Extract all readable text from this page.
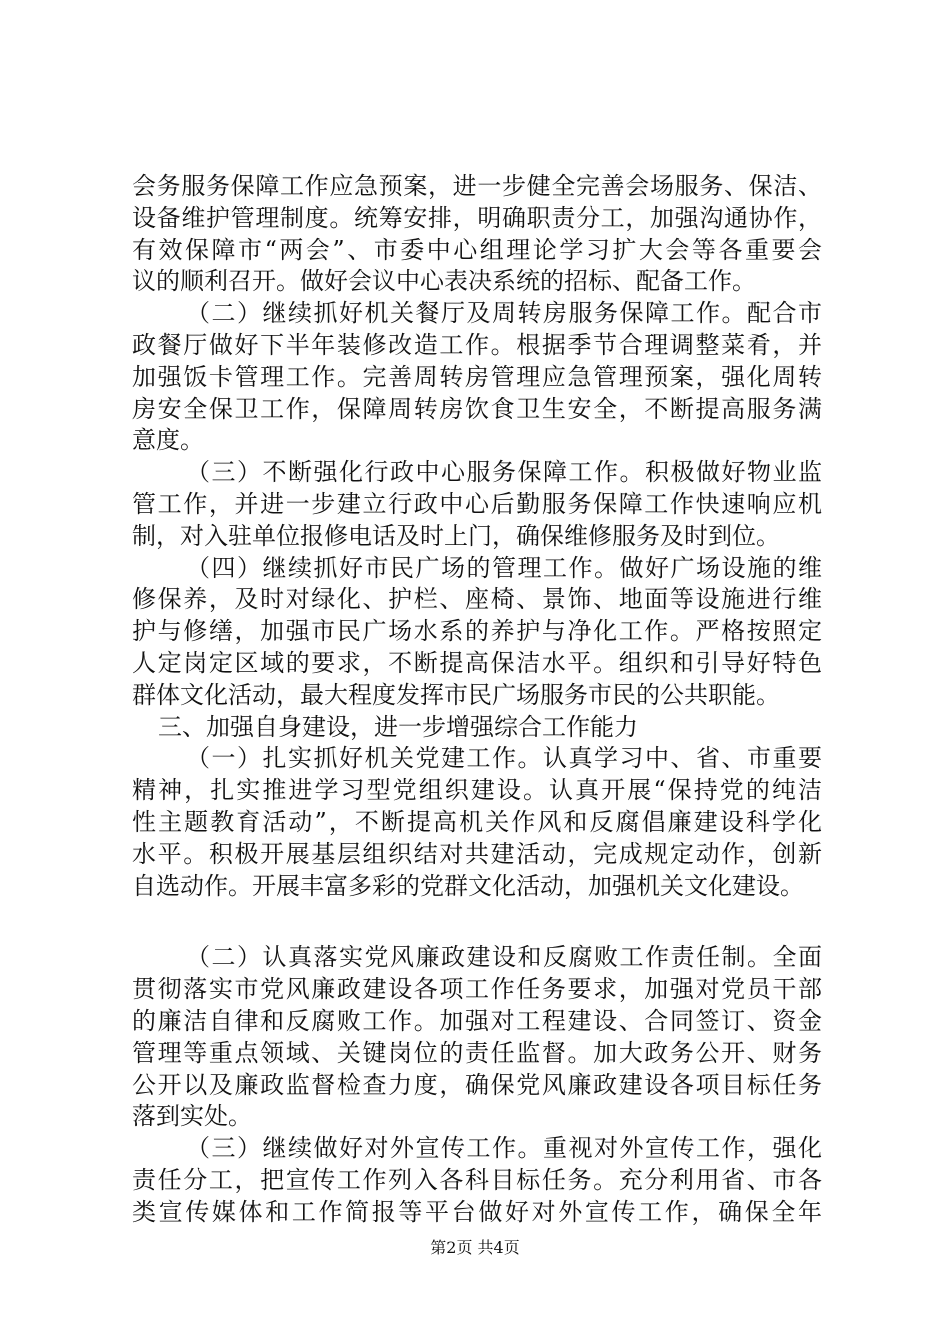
会务服务保障工作应急预案，进一步健全完善会场服务、保洁、
设备维护管理制度。统筹安排，明确职责分工，加强沟通协作，
有效保障市“两会”、市委中心组理论学习扩大会等各重要会
议的顺利召开。做好会议中心表决系统的招标、配备工作。
（二）继续抓好机关餐厅及周转房服务保障工作。配合市
政餐厅做好下半年装修改造工作。根据季节合理调整菜肴，并
加强饭卡管理工作。完善周转房管理应急管理预案，强化周转
房安全保卫工作，保障周转房饮食卫生安全，不断提高服务满
意度。
（三）不断强化行政中心服务保障工作。积极做好物业监
管工作，并进一步建立行政中心后勤服务保障工作快速响应机
制，对入驻单位报修电话及时上门，确保维修服务及时到位。
（四）继续抓好市民广场的管理工作。做好广场设施的维
修保养，及时对绿化、护栏、座椅、景饰、地面等设施进行维
护与修缮，加强市民广场水系的养护与净化工作。严格按照定
人定岗定区域的要求，不断提高保洁水平。组织和引导好特色
群体文化活动，最大程度发挥市民广场服务市民的公共职能。
三、加强自身建设，进一步增强综合工作能力
（一）扎实抓好机关党建工作。认真学习中、省、市重要
精神，扎实推进学习型党组织建设。认真开展“保持党的纯洁
性主题教育活动”，不断提高机关作风和反腐倡廉建设科学化
水平。积极开展基层组织结对共建活动，完成规定动作，创新
自选动作。开展丰富多彩的党群文化活动，加强机关文化建设。
（二）认真落实党风廉政建设和反腐败工作责任制。全面
贯彻落实市党风廉政建设各项工作任务要求，加强对党员干部
的廉洁自律和反腐败工作。加强对工程建设、合同签订、资金
管理等重点领域、关键岗位的责任监督。加大政务公开、财务
公开以及廉政监督检查力度，确保党风廉政建设各项目标任务
落到实处。
（三）继续做好对外宣传工作。重视对外宣传工作，强化
责任分工，把宣传工作列入各科目标任务。充分利用省、市各
类宣传媒体和工作简报等平台做好对外宣传工作，确保全年
第2页 共4页
